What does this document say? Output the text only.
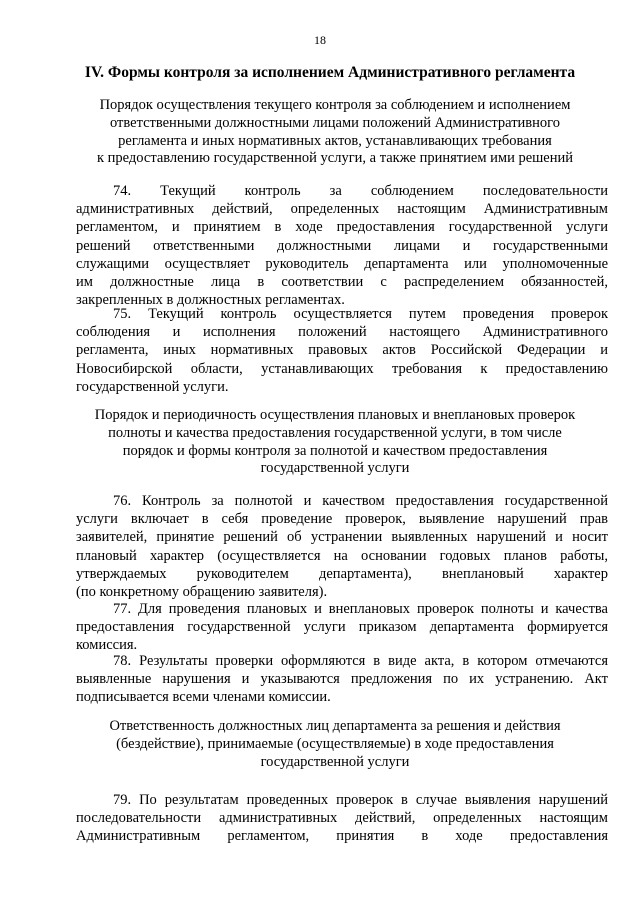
18
IV. Формы контроля за исполнением Административного регламента
Порядок осуществления текущего контроля за соблюдением и исполнением
ответственными должностными лицами положений Административного
регламента и иных нормативных актов, устанавливающих требования
к предоставлению государственной услуги, а также принятием ими решений
74. Текущий контроль за соблюдением последовательности
административных действий, определенных настоящим Административным
регламентом, и принятием в ходе предоставления государственной услуги
решений ответственными должностными лицами и государственными
служащими осуществляет руководитель департамента или уполномоченные
им должностные лица в соответствии с распределением обязанностей,
закрепленных в должностных регламентах.
75. Текущий контроль осуществляется путем проведения проверок
соблюдения и исполнения положений настоящего Административного
регламента, иных нормативных правовых актов Российской Федерации и
Новосибирской области, устанавливающих требования к предоставлению
государственной услуги.
Порядок и периодичность осуществления плановых и внеплановых проверок
полноты и качества предоставления государственной услуги, в том числе
порядок и формы контроля за полнотой и качеством предоставления
государственной услуги
76. Контроль за полнотой и качеством предоставления государственной
услуги включает в себя проведение проверок, выявление нарушений прав
заявителей, принятие решений об устранении выявленных нарушений и носит
плановый характер (осуществляется на основании годовых планов работы,
утверждаемых руководителем департамента), внеплановый характер
(по конкретному обращению заявителя).
77. Для проведения плановых и внеплановых проверок полноты и качества
предоставления государственной услуги приказом департамента формируется
комиссия.
78. Результаты проверки оформляются в виде акта, в котором отмечаются
выявленные нарушения и указываются предложения по их устранению. Акт
подписывается всеми членами комиссии.
Ответственность должностных лиц департамента за решения и действия
(бездействие), принимаемые (осуществляемые) в ходе предоставления
государственной услуги
79. По результатам проведенных проверок в случае выявления нарушений
последовательности административных действий, определенных настоящим
Административным регламентом, принятия в ходе предоставления
